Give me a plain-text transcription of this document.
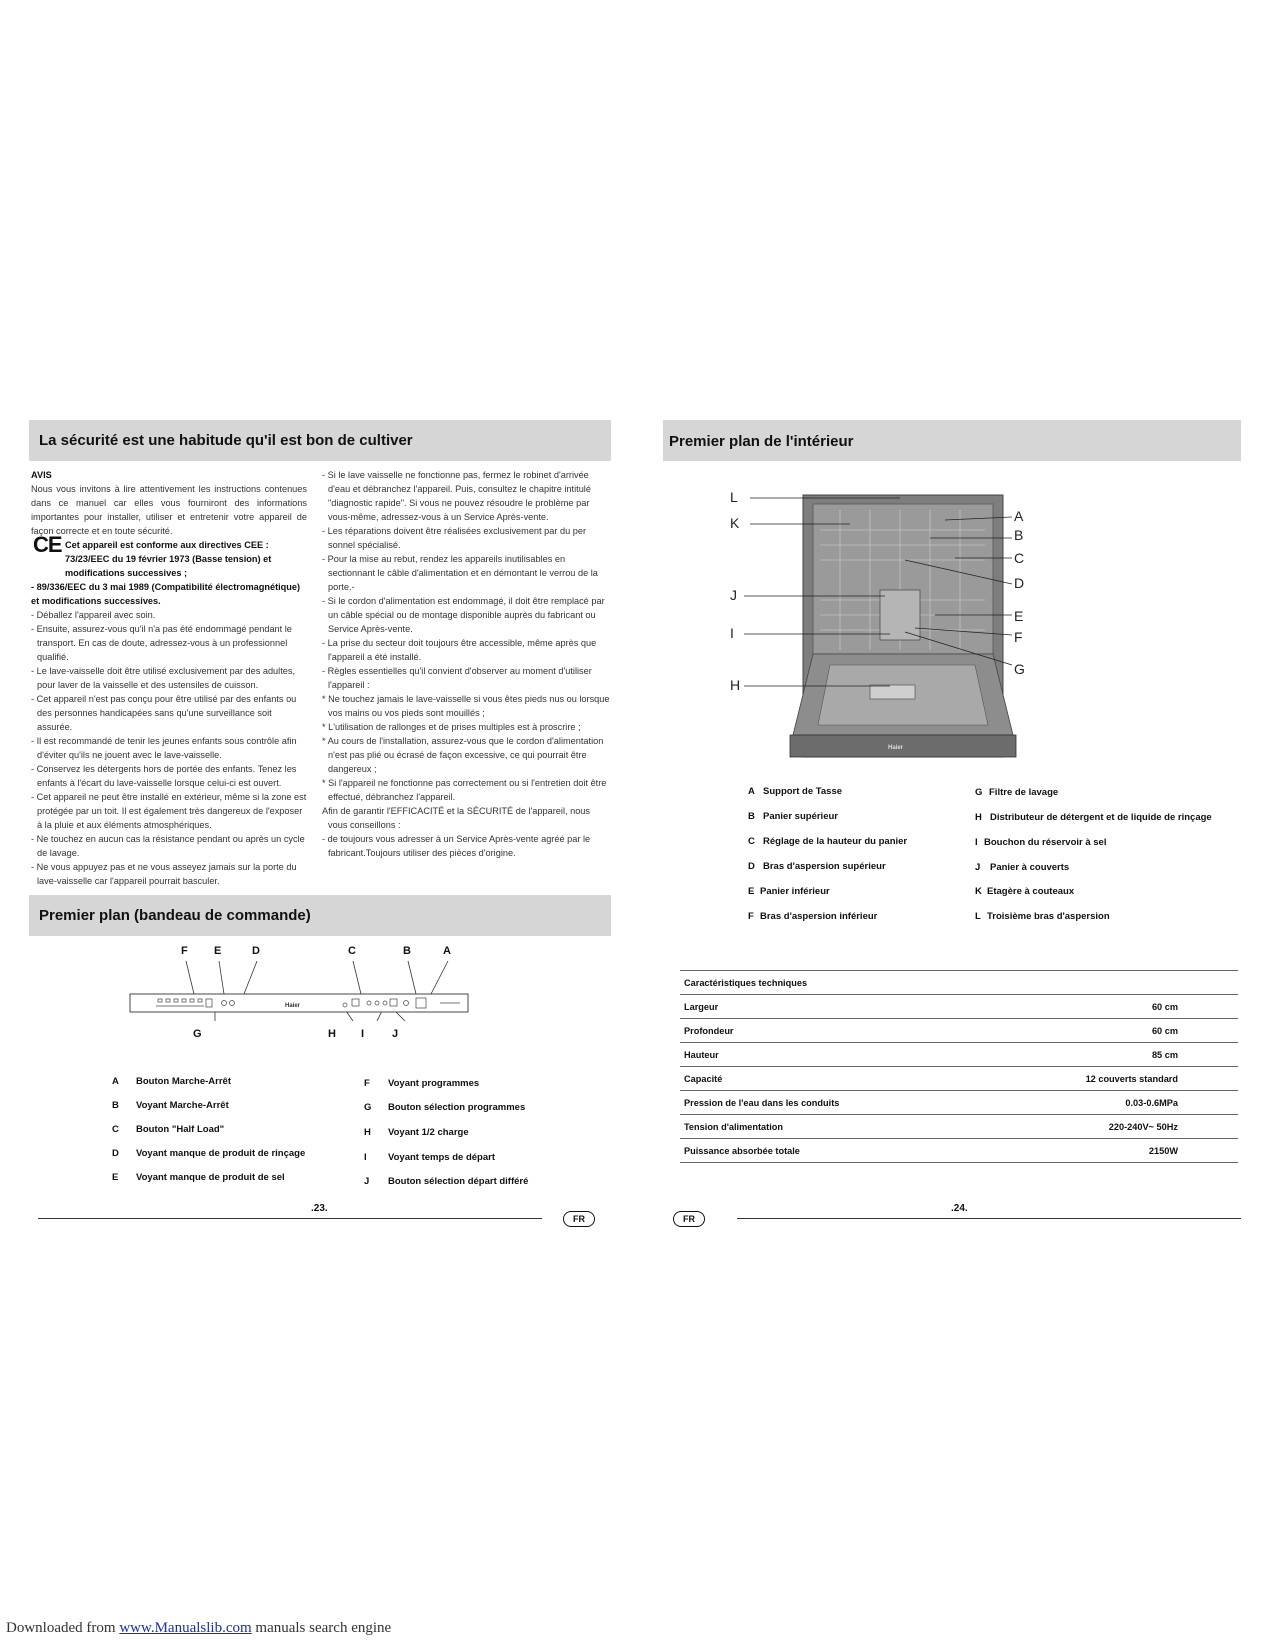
La sécurité est une habitude qu'il est bon de cultiver

AVIS

Nous vous invitons à lire attentivement les instructions contenues dans ce manuel car elles vous fourniront des informations importantes pour installer, utiliser et entretenir votre appareil de façon correcte et en toute sécurité.

CE Cet appareil est conforme aux directives CEE : 73/23/EEC du 19 février 1973 (Basse tension) et modifications successives ;

- 89/336/EEC du 3 mai 1989 (Compatibilité électromagnétique) et modifications successives.

- Déballez l'appareil avec soin.

- Ensuite, assurez-vous qu'il n'a pas été endommagé pendant le transport. En cas de doute, adressez-vous à un professionnel qualifié.

- Le lave-vaisselle doit être utilisé exclusivement par des adultes, pour laver de la vaisselle et des ustensiles de cuisson.

- Cet appareil n'est pas conçu pour être utilisé par des enfants ou des personnes handicapées sans qu'une surveillance soit assurée.

- Il est recommandé de tenir les jeunes enfants sous contrôle afin d'éviter qu'ils ne jouent avec le lave-vaisselle.

- Conservez les détergents hors de portée des enfants. Tenez les enfants à l'écart du lave-vaisselle lorsque celui-ci est ouvert.

- Cet appareil ne peut être installé en extérieur, même si la zone est protégée par un toit. Il est également très dangereux de l'exposer à la pluie et aux éléments atmosphériques.

- Ne touchez en aucun cas la résistance pendant ou après un cycle de lavage.

- Ne vous appuyez pas et ne vous asseyez jamais sur la porte du lave-vaisselle car l'appareil pourrait basculer.

- Si le lave vaisselle ne fonctionne pas, fermez le robinet d'arrivée d'eau et débranchez l'appareil. Puis, consultez le chapitre intitulé "diagnostic rapide". Si vous ne pouvez résoudre le problème par vous-même, adressez-vous à un Service Après-vente.

- Les réparations doivent être réalisées exclusivement par du per sonnel spécialisé.

- Pour la mise au rebut, rendez les appareils inutilisables en sectionnant le câble d'alimentation et en démontant le verrou de la porte.-

- Si le cordon d'alimentation est endommagé, il doit être remplacé par un câble spécial ou de montage disponible auprès du fabricant ou Service Après-vente.

- La prise du secteur doit toujours être accessible, même après que l'appareil a été installé.

- Règles essentielles qu'il convient d'observer au moment d'utiliser l'appareil :

* Ne touchez jamais le lave-vaisselle si vous êtes pieds nus ou lorsque vos mains ou vos pieds sont mouillés ;

* L'utilisation de rallonges et de prises multiples est à proscrire ;

* Au cours de l'installation, assurez-vous que le cordon d'alimentation n'est pas plié ou écrasé de façon excessive, ce qui pourrait être dangereux ;

* Si l'appareil ne fonctionne pas correctement ou si l'entretien doit être effectué, débranchez l'appareil.

Afin de garantir l'EFFICACITÉ et la SÉCURITÉ de l'appareil, nous vous conseillons :

- de toujours vous adresser à un Service Après-vente agréé par le fabricant.Toujours utiliser des pièces d'origine.

Premier plan (bandeau de commande)
F E	D	C	B	A
Haier
G	H I	J
A Bouton Marche-Arrêt
B Voyant Marche-Arrêt
C Bouton "Half Load"
D Voyant manque de produit de rinçage
E Voyant manque de produit de sel
F Voyant programmes
G Bouton sélection programmes
H Voyant 1/2 charge
I Voyant temps de départ
J Bouton sélection départ différé
.23.
FR
Premier plan de l'intérieur
Haier
L
K
J
I
H
A
B
C
D
E
F
G
A Support de Tasse
B Panier supérieur
C Réglage de la hauteur du panier
D Bras d'aspersion supérieur
E Panier inférieur
F Bras d'aspersion inférieur
G Filtre de lavage
H Distributeur de détergent et de liquide de rinçage
I Bouchon du réservoir à sel
J Panier à couverts
K Etagère à couteaux
L Troisième bras d'aspersion
Caractéristiques techniques	
Largeur	60 cm
Profondeur	60 cm
Hauteur	85 cm
Capacité	12 couverts standard
Pression de l'eau dans les conduits	0.03-0.6MPa
Tension d'alimentation	220-240V~ 50Hz
Puissance absorbée totale	2150W
FR
.24.
Downloaded from www.Manualslib.com manuals search engine
